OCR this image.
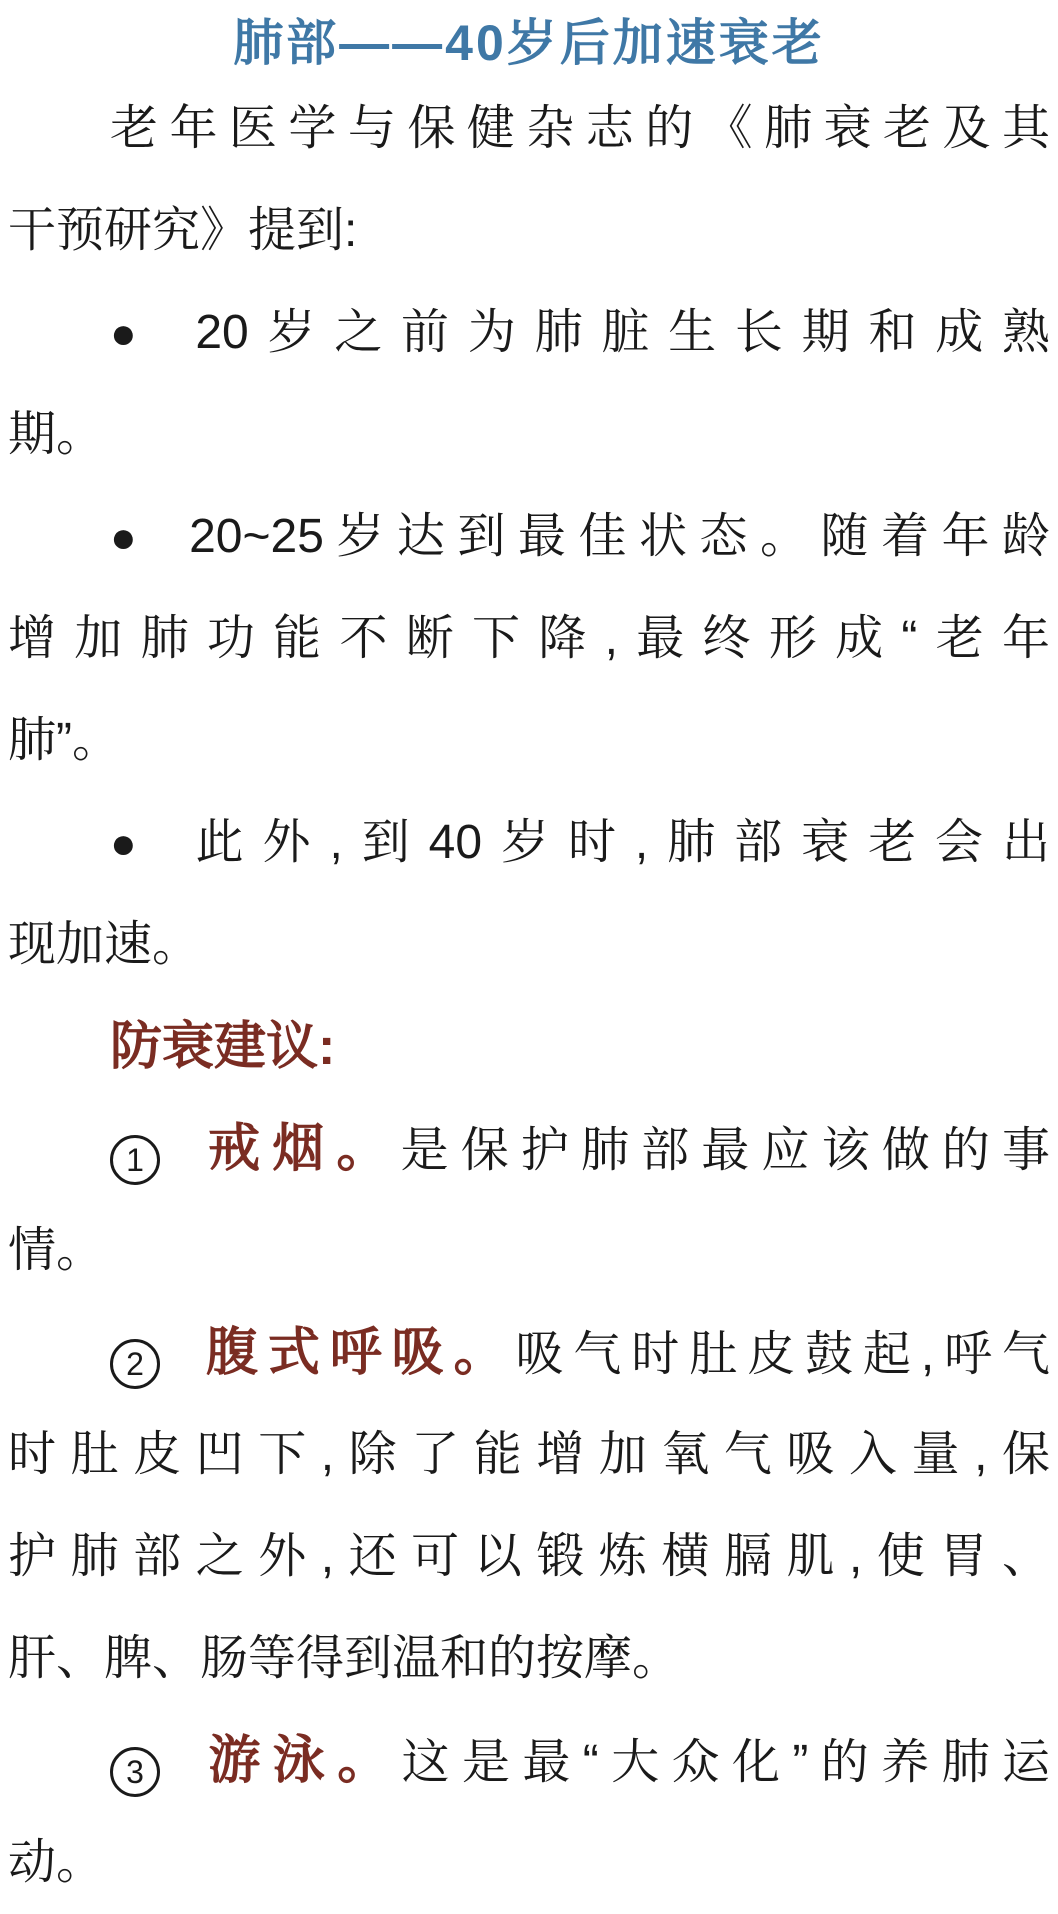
肺部——40岁后加速衰老
老年医学与保健杂志的《肺衰老及其
干预研究》提到:
● 20岁之前为肺脏生长期和成熟
期。
● 20~25岁达到最佳状态。随着年龄
增加肺功能不断下降,最终形成“老年
肺”。
● 此外,到40岁时,肺部衰老会出
现加速。
防衰建议:
1 戒烟。是保护肺部最应该做的事
情。
2 腹式呼吸。吸气时肚皮鼓起,呼气
时肚皮凹下,除了能增加氧气吸入量,保
护肺部之外,还可以锻炼横膈肌,使胃、
肝、脾、肠等得到温和的按摩。
3 游泳。这是最“大众化”的养肺运
动。
